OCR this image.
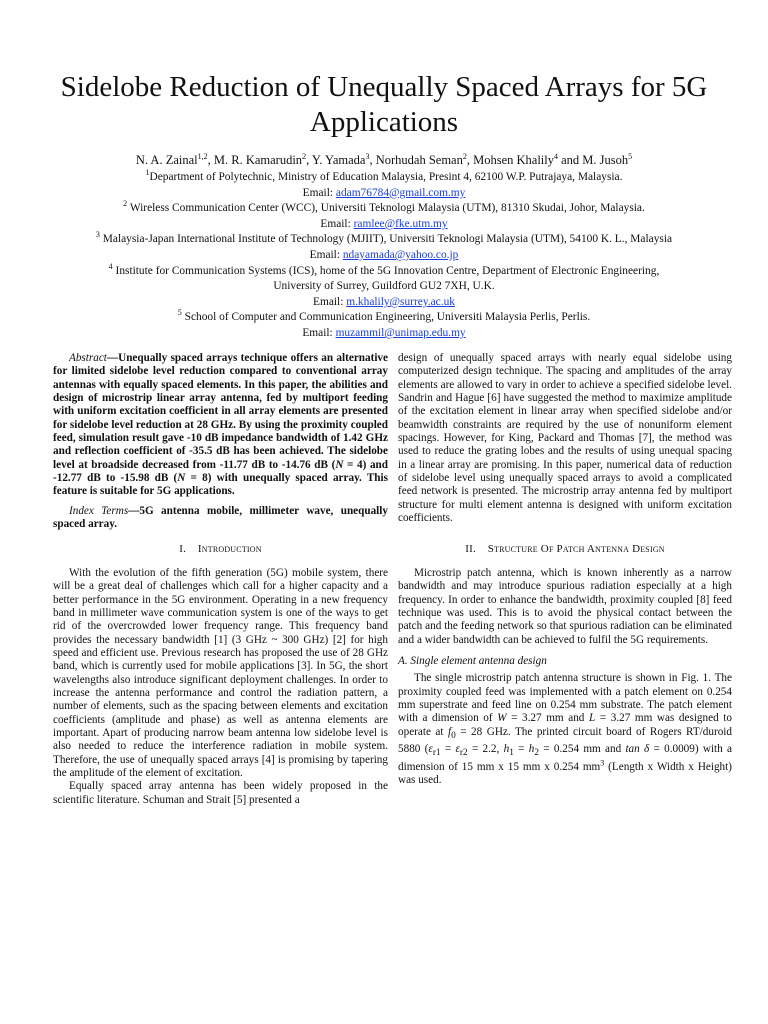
Sidelobe Reduction of Unequally Spaced Arrays for 5G Applications
N. A. Zainal$^{1,2}$, M. R. Kamarudin$^2$, Y. Yamada$^3$, Norhudah Seman$^2$, Mohsen Khalily$^4$ and M. Jusoh$^5$
$^1$Department of Polytechnic, Ministry of Education Malaysia, Presint 4, 62100 W.P. Putrajaya, Malaysia.
Email: adam76784@gmail.com.my
$^2$ Wireless Communication Center (WCC), Universiti Teknologi Malaysia (UTM), 81310 Skudai, Johor, Malaysia.
Email: ramlee@fke.utm.my
$^3$ Malaysia-Japan International Institute of Technology (MJIIT), Universiti Teknologi Malaysia (UTM), 54100 K. L., Malaysia
Email: ndayamada@yahoo.co.jp
$^4$ Institute for Communication Systems (ICS), home of the 5G Innovation Centre, Department of Electronic Engineering,
University of Surrey, Guildford GU2 7XH, U.K.
Email: m.khalily@surrey.ac.uk
$^5$ School of Computer and Communication Engineering, Universiti Malaysia Perlis, Perlis.
Email: muzammil@unimap.edu.my

Abstract—Unequally spaced arrays technique offers an alternative for limited sidelobe level reduction compared to conventional array antennas with equally spaced elements. In this paper, the abilities and design of microstrip linear array antenna, fed by multiport feeding with uniform excitation coefficient in all array elements are presented for sidelobe level reduction at 28 GHz. By using the proximity coupled feed, simulation result gave -10 dB impedance bandwidth of 1.42 GHz and reflection coefficient of -35.5 dB has been achieved. The sidelobe level at broadside decreased from -11.77 dB to -14.76 dB (N = 4) and -12.77 dB to -15.98 dB (N = 8) with unequally spaced array. This feature is suitable for 5G applications.

Index Terms—5G antenna mobile, millimeter wave, unequally spaced array.

I. Introduction

With the evolution of the fifth generation (5G) mobile system, there will be a great deal of challenges which call for a higher capacity and a better performance in the 5G environment. Operating in a new frequency band in millimeter wave communication system is one of the ways to get rid of the overcrowded lower frequency range. This frequency band provides the necessary bandwidth [1] (3 GHz ~ 300 GHz) [2] for high speed and efficient use. Previous research has proposed the use of 28 GHz band, which is currently used for mobile applications [3]. In 5G, the short wavelengths also introduce significant deployment challenges. In order to increase the antenna performance and control the radiation pattern, a number of elements, such as the spacing between elements and excitation coefficients (amplitude and phase) as well as antenna elements are important. Apart of producing narrow beam antenna low sidelobe level is also needed to reduce the interference radiation in mobile system. Therefore, the use of unequally spaced arrays [4] is promising by tapering the amplitude of the element of excitation.

Equally spaced array antenna has been widely proposed in the scientific literature. Schuman and Strait [5] presented a

design of unequally spaced arrays with nearly equal sidelobe using computerized design technique. The spacing and amplitudes of the array elements are allowed to vary in order to achieve a specified sidelobe level. Sandrin and Hague [6] have suggested the method to maximize amplitude of the excitation element in linear array when specified sidelobe and/or beamwidth constraints are required by the use of nonuniform element spacings. However, for King, Packard and Thomas [7], the method was used to reduce the grating lobes and the results of using unequal spacing in a linear array are promising. In this paper, numerical data of reduction of sidelobe level using unequally spaced arrays to avoid a complicated feed network is presented. The microstrip array antenna fed by multiport structure for multi element antenna is designed with uniform excitation coefficients.

II. Structure Of Patch Antenna Design

Microstrip patch antenna, which is known inherently as a narrow bandwidth and may introduce spurious radiation especially at a high frequency. In order to enhance the bandwidth, proximity coupled [8] feed technique was used. This is to avoid the physical contact between the patch and the feeding network so that spurious radiation can be eliminated and a wider bandwidth can be achieved to fulfil the 5G requirements.

A. Single element antenna design

The single microstrip patch antenna structure is shown in Fig. 1. The proximity coupled feed was implemented with a patch element on 0.254 mm superstrate and feed line on 0.254 mm substrate. The patch element with a dimension of W = 3.27 mm and L = 3.27 mm was designed to operate at $f_0 = 28$ GHz. The printed circuit board of Rogers RT/duroid 5880 ($\varepsilon_{r1} = \varepsilon_{r2} = 2.2$, $h_1 = h_2 = 0.254$ mm and tan δ = 0.0009) with a dimension of 15 mm x 15 mm x 0.254 $mm^3$ (Length x Width x Height) was used.
